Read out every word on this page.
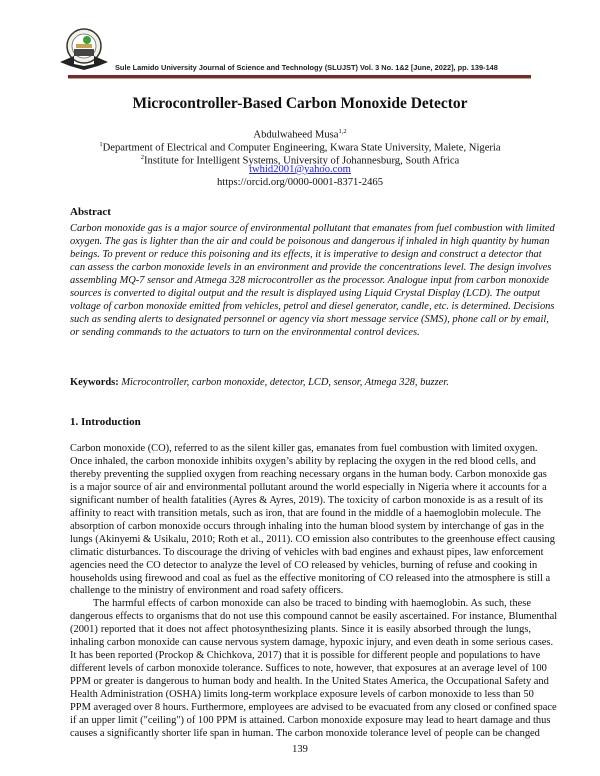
Sule Lamido University Journal of Science and Technology (SLUJST) Vol. 3 No. 1&2 [June, 2022], pp. 139-148
Microcontroller-Based Carbon Monoxide Detector
Abdulwaheed Musa$^{1,2}$
$^1$Department of Electrical and Computer Engineering, Kwara State University, Malete, Nigeria
$^2$Institute for Intelligent Systems, University of Johannesburg, South Africa
twhid2001@yahoo.com
https://orcid.org/0000-0001-8371-2465
Abstract
Carbon monoxide gas is a major source of environmental pollutant that emanates from fuel combustion with limited
oxygen. The gas is lighter than the air and could be poisonous and dangerous if inhaled in high quantity by human
beings. To prevent or reduce this poisoning and its effects, it is imperative to design and construct a detector that
can assess the carbon monoxide levels in an environment and provide the concentrations level. The design involves
assembling MQ-7 sensor and Atmega 328 microcontroller as the processor. Analogue input from carbon monoxide
sources is converted to digital output and the result is displayed using Liquid Crystal Display (LCD). The output
voltage of carbon monoxide emitted from vehicles, petrol and diesel generator, candle, etc. is determined. Decisions
such as sending alerts to designated personnel or agency via short message service (SMS), phone call or by email,
or sending commands to the actuators to turn on the environmental control devices.
Keywords: Microcontroller, carbon monoxide, detector, LCD, sensor, Atmega 328, buzzer.
1. Introduction
Carbon monoxide (CO), referred to as the silent killer gas, emanates from fuel combustion with limited oxygen.
Once inhaled, the carbon monoxide inhibits oxygen’s ability by replacing the oxygen in the red blood cells, and
thereby preventing the supplied oxygen from reaching necessary organs in the human body. Carbon monoxide gas
is a major source of air and environmental pollutant around the world especially in Nigeria where it accounts for a
significant number of health fatalities (Ayres & Ayres, 2019). The toxicity of carbon monoxide is as a result of its
affinity to react with transition metals, such as iron, that are found in the middle of a haemoglobin molecule. The
absorption of carbon monoxide occurs through inhaling into the human blood system by interchange of gas in the
lungs (Akinyemi & Usikalu, 2010; Roth et al., 2011). CO emission also contributes to the greenhouse effect causing
climatic disturbances. To discourage the driving of vehicles with bad engines and exhaust pipes, law enforcement
agencies need the CO detector to analyze the level of CO released by vehicles, burning of refuse and cooking in
households using firewood and coal as fuel as the effective monitoring of CO released into the atmosphere is still a
challenge to the ministry of environment and road safety officers.
The harmful effects of carbon monoxide can also be traced to binding with haemoglobin. As such, these
dangerous effects to organisms that do not use this compound cannot be easily ascertained. For instance, Blumenthal
(2001) reported that it does not affect photosynthesizing plants. Since it is easily absorbed through the lungs,
inhaling carbon monoxide can cause nervous system damage, hypoxic injury, and even death in some serious cases.
It has been reported (Prockop & Chichkova, 2017) that it is possible for different people and populations to have
different levels of carbon monoxide tolerance. Suffices to note, however, that exposures at an average level of 100
PPM or greater is dangerous to human body and health. In the United States America, the Occupational Safety and
Health Administration (OSHA) limits long-term workplace exposure levels of carbon monoxide to less than 50
PPM averaged over 8 hours. Furthermore, employees are advised to be evacuated from any closed or confined space
if an upper limit ("ceiling") of 100 PPM is attained. Carbon monoxide exposure may lead to heart damage and thus
causes a significantly shorter life span in human. The carbon monoxide tolerance level of people can be changed
139
